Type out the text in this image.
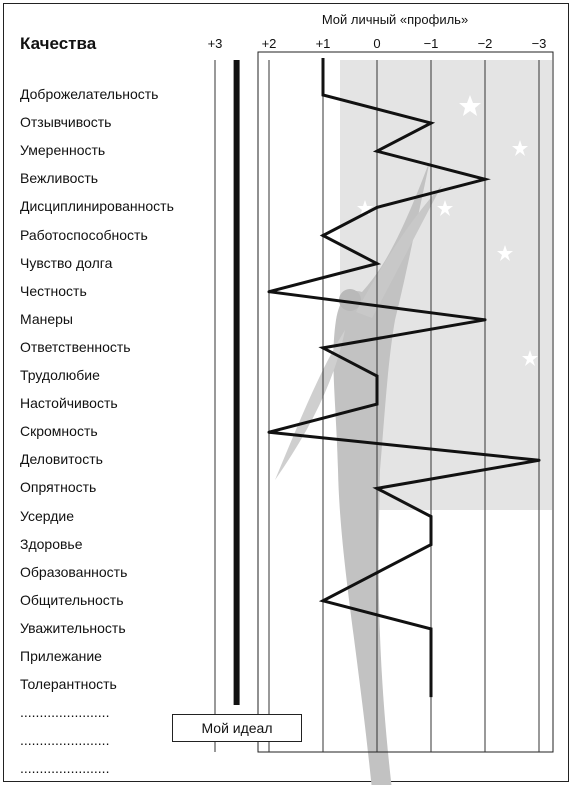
Качества
Мой личный «профиль»
+3	+2	+1	0	−1	−2	−3
Доброжелательность
Отзывчивость
Умеренность
Вежливость
Дисциплинированность
Работоспособность
Чувство долга
Честность
Манеры
Ответственность
Трудолюбие
Настойчивость
Скромность
Деловитость
Опрятность
Усердие
Здоровье
Образованность
Общительность
Уважительность
Прилежание
Толерантность
.......................
.......................
.......................
Мой идеал
